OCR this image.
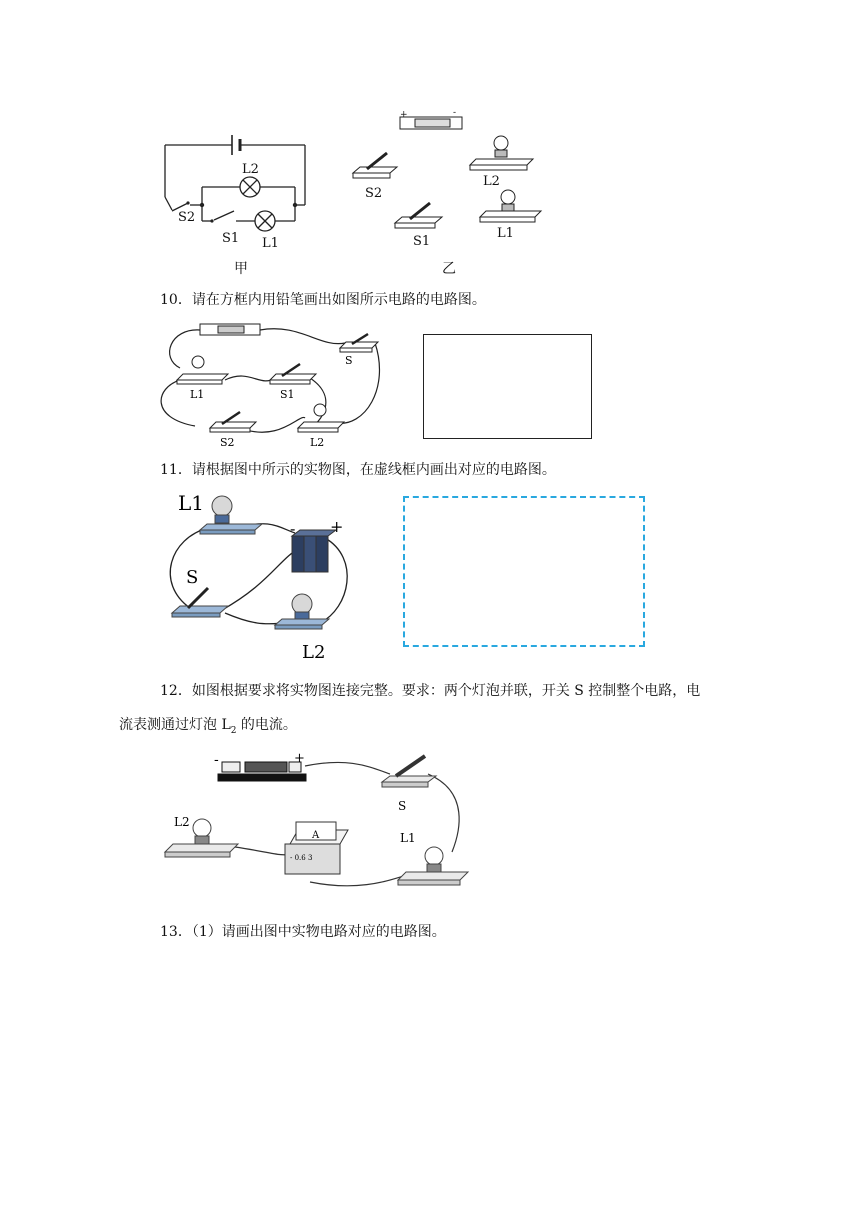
L2
S2
S1 L1
甲
+	-
S2
L2
S1
L1
乙
10．请在方框内用铅笔画出如图所示电路的电路图。
S
L1	S1
S2	L2
11．请根据图中所示的实物图，在虚线框内画出对应的电路图。
L1
S
L2
- +
12．如图根据要求将实物图连接完整。要求：两个灯泡并联，开关 S 控制整个电路，电
流表测通过灯泡 $L_2$ 的电流。
A
- 0.6 3
-	+
S
L2
L1
13．（1）请画出图中实物电路对应的电路图。
